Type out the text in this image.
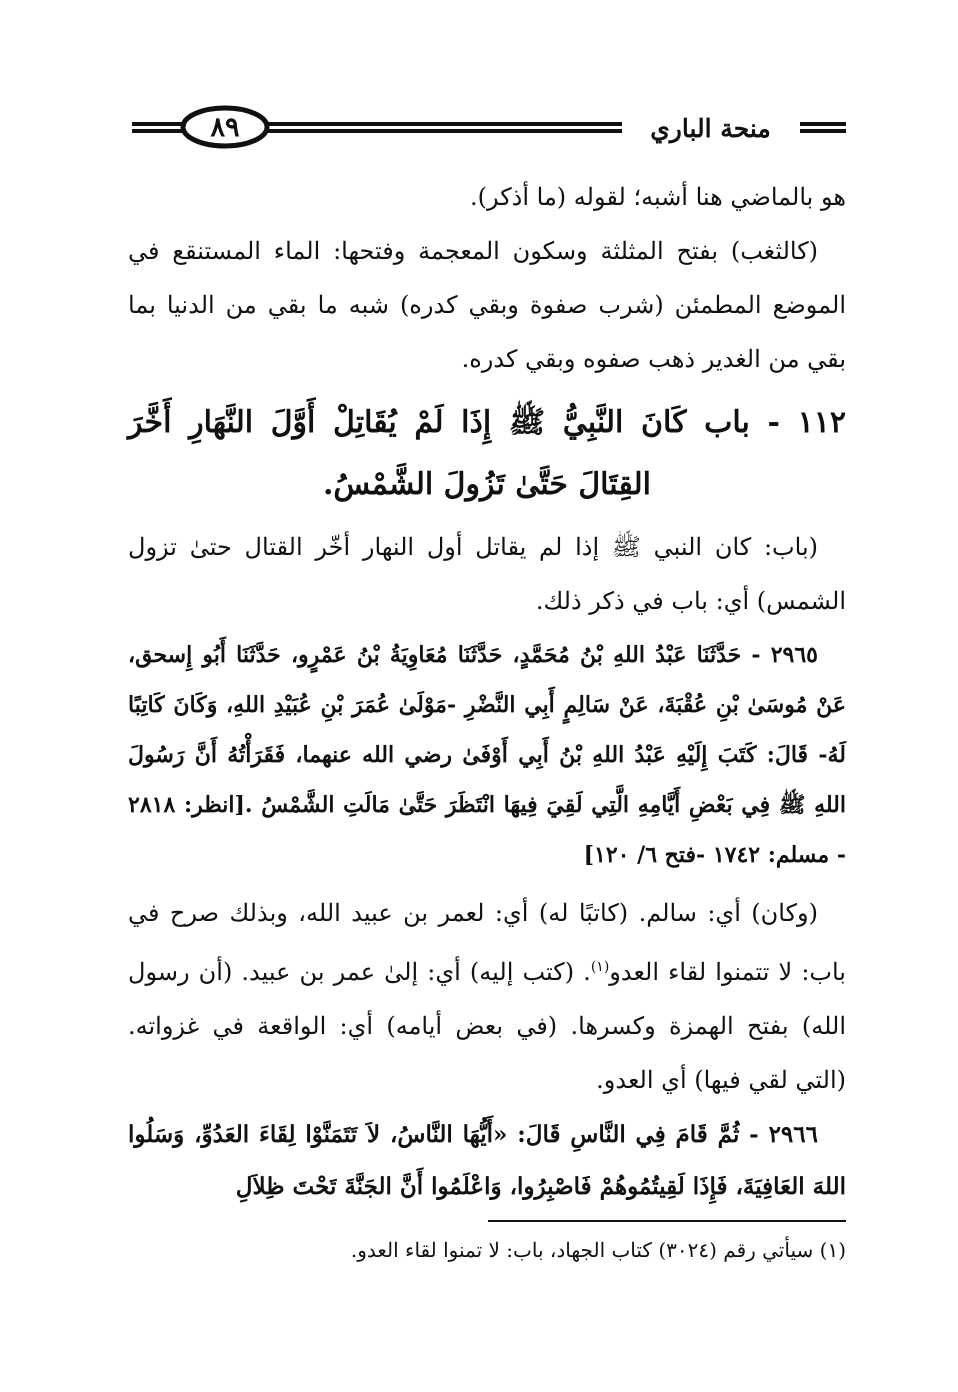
٨٩	منحة الباري

هو بالماضي هنا أشبه؛ لقوله (ما أذكر).

(كالثغب) بفتح المثلثة وسكون المعجمة وفتحها: الماء المستنقع في الموضع المطمئن (شرب صفوة وبقي كدره) شبه ما بقي من الدنيا بما بقي من الغدير ذهب صفوه وبقي كدره.

١١٢ - باب كَانَ النَّبِيُّ ﷺ إِذَا لَمْ يُقَاتِلْ أَوَّلَ النَّهَارِ أَخَّرَ القِتَالَ حَتَّىٰ تَزُولَ الشَّمْسُ.

(باب: كان النبي ﷺ إذا لم يقاتل أول النهار أخّر القتال حتىٰ تزول الشمس) أي: باب في ذكر ذلك.

٢٩٦٥ - حَدَّثَنَا عَبْدُ اللهِ بْنُ مُحَمَّدٍ، حَدَّثَنَا مُعَاوِيَةُ بْنُ عَمْرٍو، حَدَّثَنَا أَبُو إِسحق، عَنْ مُوسَىٰ بْنِ عُقْبَةَ، عَنْ سَالِمٍ أَبِي النَّضْرِ -مَوْلَىٰ عُمَرَ بْنِ عُبَيْدِ اللهِ، وَكَانَ كَاتِبًا لَهُ- قَالَ: كَتَبَ إِلَيْهِ عَبْدُ اللهِ بْنُ أَبِي أَوْفَىٰ رضي الله عنهما، فَقَرَأْتُهُ أَنَّ رَسُولَ اللهِ ﷺ فِي بَعْضِ أَيَّامِهِ الَّتِي لَقِيَ فِيهَا انْتَظَرَ حَتَّىٰ مَالَتِ الشَّمْسُ .[انظر: ٢٨١٨ - مسلم: ١٧٤٢ -فتح ٦/ ١٢٠]

(وكان) أي: سالم. (كاتبًا له) أي: لعمر بن عبيد الله، وبذلك صرح في باب: لا تتمنوا لقاء العدو$^{(١)}$. (كتب إليه) أي: إلىٰ عمر بن عبيد. (أن رسول الله) بفتح الهمزة وكسرها. (في بعض أيامه) أي: الواقعة في غزواته. (التي لقي فيها) أي العدو.

٢٩٦٦ - ثُمَّ قَامَ فِي النَّاسِ قَالَ: «أَيُّهَا النَّاسُ، لاَ تَتَمَنَّوْا لِقَاءَ العَدُوِّ، وَسَلُوا اللهَ العَافِيَةَ، فَإِذَا لَقِيتُمُوهُمْ فَاصْبِرُوا، وَاعْلَمُوا أَنَّ الجَنَّةَ تَحْتَ ظِلاَلِ

(١) سيأتي رقم (٣٠٢٤) كتاب الجهاد، باب: لا تمنوا لقاء العدو.
